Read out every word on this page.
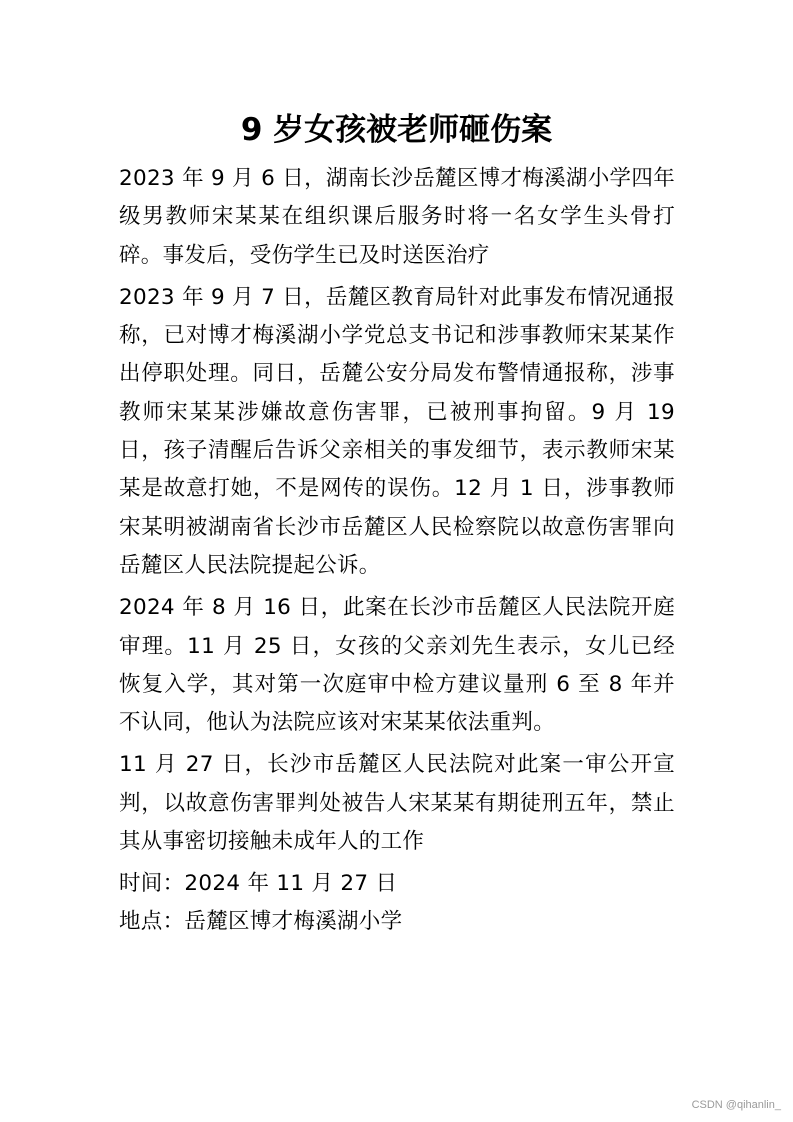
9 岁女孩被老师砸伤案

2023 年 9 月 6 日，湖南长沙岳麓区博才梅溪湖小学四年级男教师宋某某在组织课后服务时将一名女学生头骨打碎。事发后，受伤学生已及时送医治疗

2023 年 9 月 7 日，岳麓区教育局针对此事发布情况通报称，已对博才梅溪湖小学党总支书记和涉事教师宋某某作出停职处理。同日，岳麓公安分局发布警情通报称，涉事教师宋某某涉嫌故意伤害罪，已被刑事拘留。9 月 19 日，孩子清醒后告诉父亲相关的事发细节，表示教师宋某某是故意打她，不是网传的误伤。12 月 1 日，涉事教师宋某明被湖南省长沙市岳麓区人民检察院以故意伤害罪向岳麓区人民法院提起公诉。

2024 年 8 月 16 日，此案在长沙市岳麓区人民法院开庭审理。11 月 25 日，女孩的父亲刘先生表示，女儿已经恢复入学，其对第一次庭审中检方建议量刑 6 至 8 年并不认同，他认为法院应该对宋某某依法重判。

11 月 27 日，长沙市岳麓区人民法院对此案一审公开宣判，以故意伤害罪判处被告人宋某某有期徒刑五年，禁止其从事密切接触未成年人的工作

时间：2024 年 11 月 27 日

地点：岳麓区博才梅溪湖小学

CSDN @qihanlin_
